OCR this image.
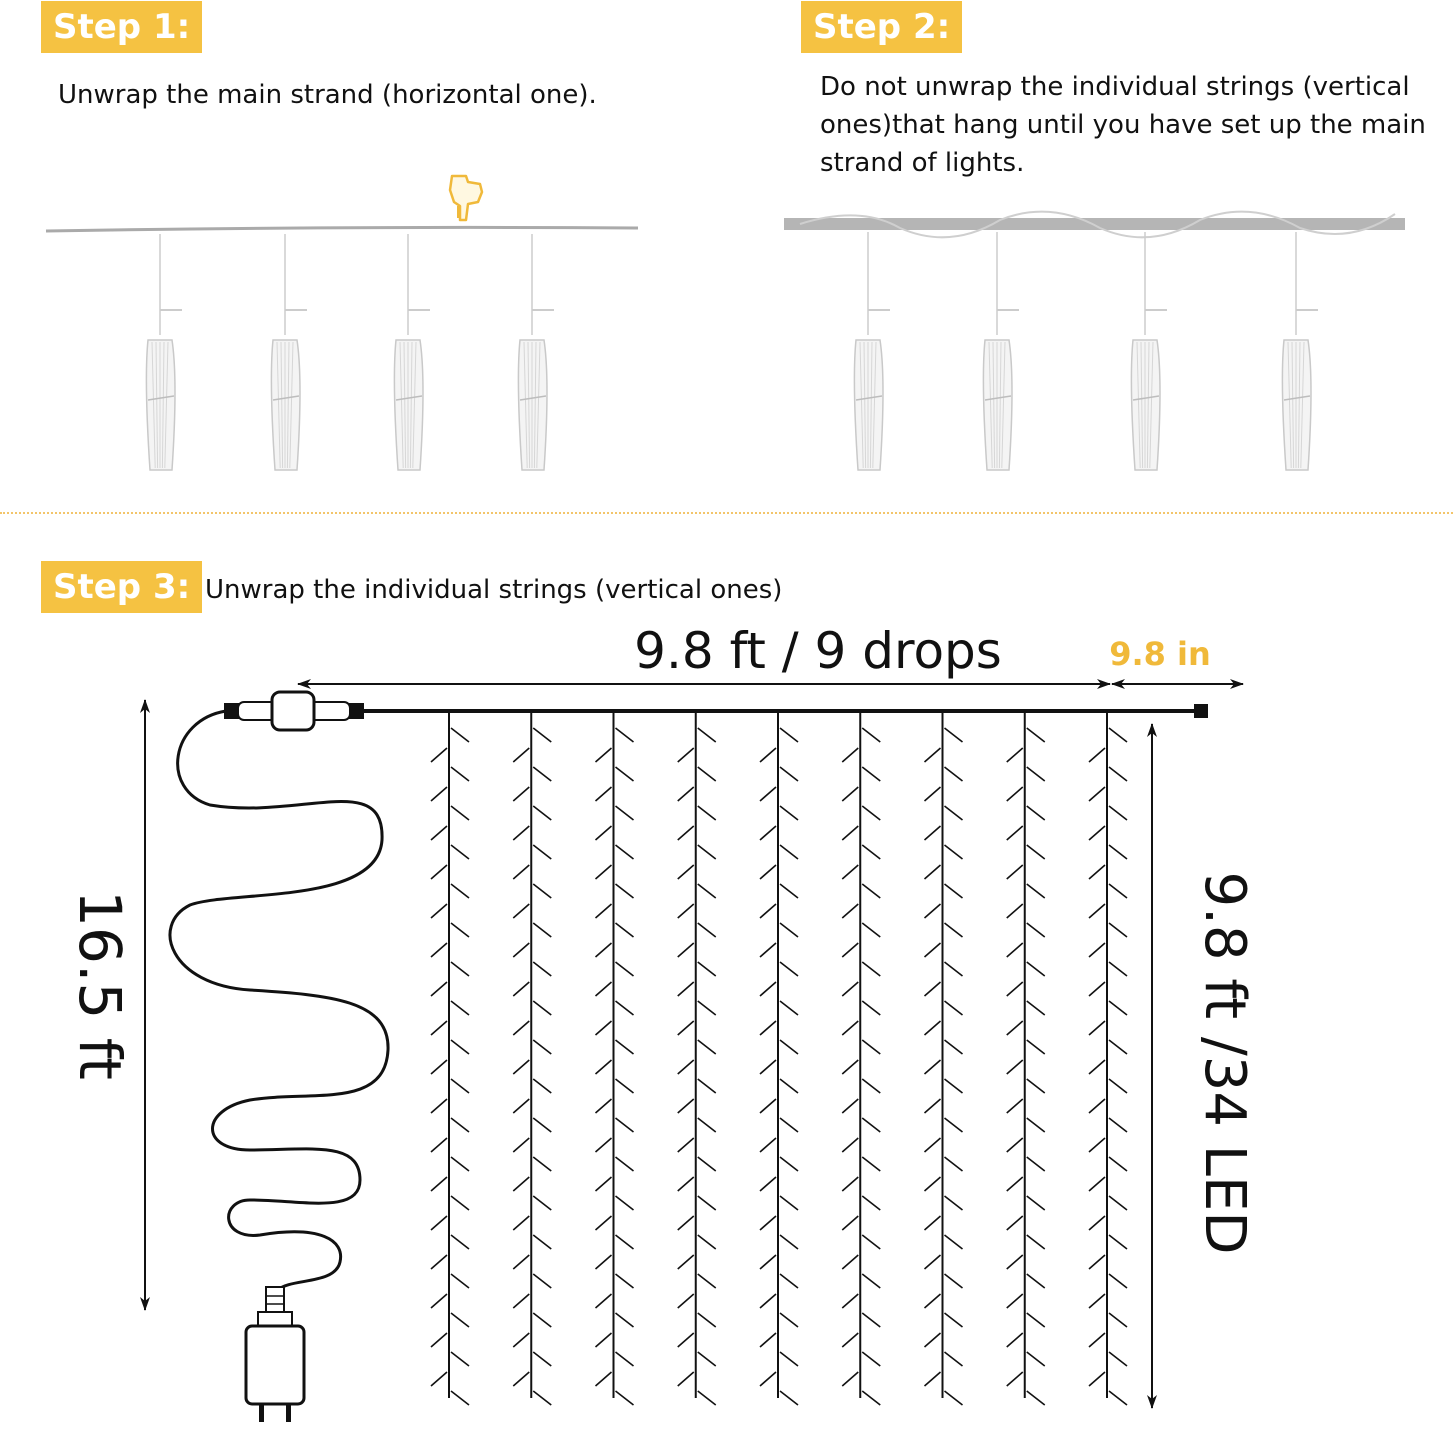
Step 1:
Unwrap the main strand (horizontal one).
Step 2:
Do not unwrap the individual strings (vertical
ones)that hang until you have set up the main
strand of lights.
Step 3: Unwrap the individual strings (vertical ones)
9.8 ft / 9 drops	9.8 in
16.5 ft	9.8 ft /34 LED
